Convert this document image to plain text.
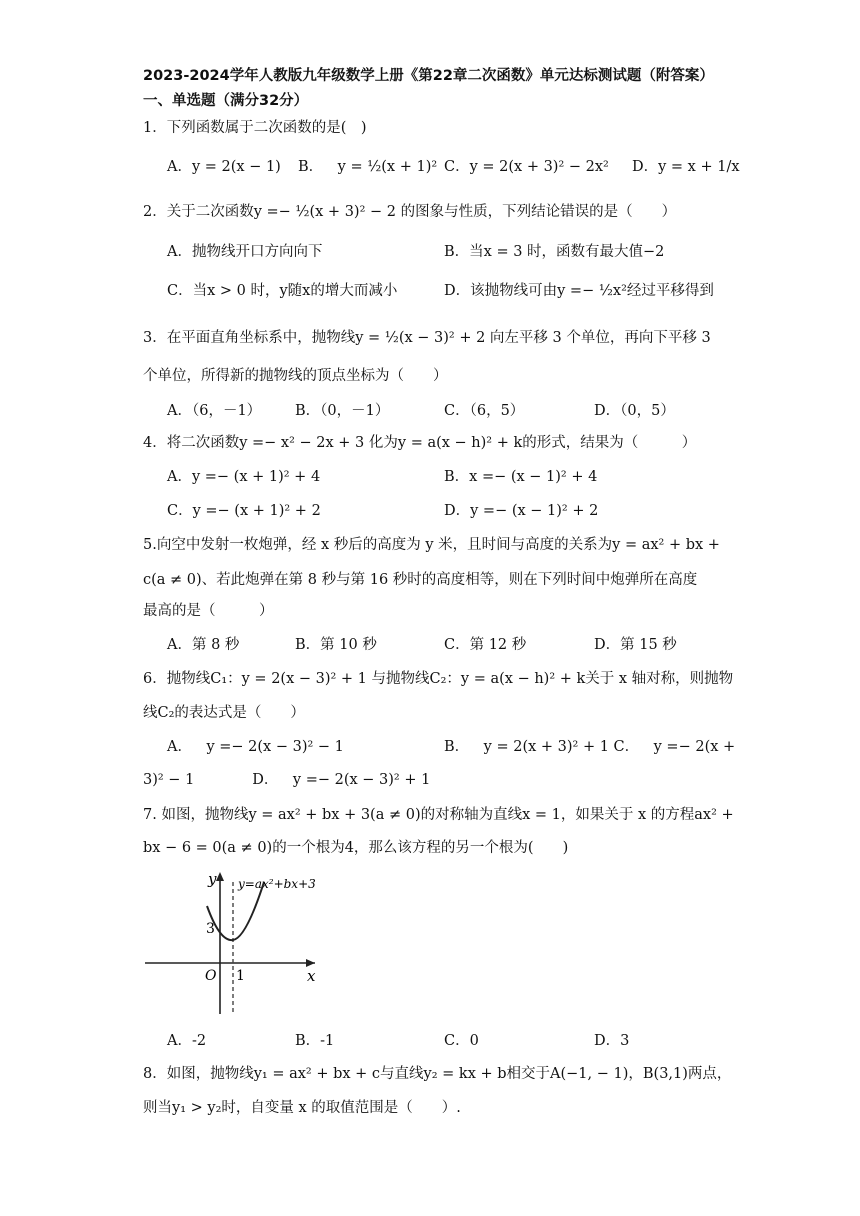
2023-2024学年人教版九年级数学上册《第22章二次函数》单元达标测试题（附答案）
一、单选题（满分32分）
1．下列函数属于二次函数的是( )
A．y = 2(x − 1) B． y = ½(x + 1)² C．y = 2(x + 3)² − 2x² D．y = x + 1/x
2．关于二次函数y =− ½(x + 3)² − 2 的图象与性质，下列结论错误的是（  ）
A．抛物线开口方向向下	B．当x = 3 时，函数有最大值−2
C．当x > 0 时，y随x的增大而减小	D．该抛物线可由y =− ½x²经过平移得到
3．在平面直角坐标系中，抛物线y = ½(x − 3)² + 2 向左平移 3 个单位，再向下平移 3
个单位，所得新的抛物线的顶点坐标为（  ）
A．（6，－1） B．（0，－1）	C．（6，5）	D．（0，5）
4．将二次函数y =− x² − 2x + 3 化为y = a(x − h)² + k的形式，结果为（   ）
A．y =− (x + 1)² + 4	B．x =− (x − 1)² + 4
C．y =− (x + 1)² + 2	D．y =− (x − 1)² + 2
5.向空中发射一枚炮弹，经 x 秒后的高度为 y 米，且时间与高度的关系为y = ax² + bx +
c(a ≠ 0)、若此炮弹在第 8 秒与第 16 秒时的高度相等，则在下列时间中炮弹所在高度
最高的是（   ）
A．第 8 秒	B．第 10 秒	C．第 12 秒	D．第 15 秒
6．抛物线C₁：y = 2(x − 3)² + 1 与抛物线C₂：y = a(x − h)² + k关于 x 轴对称，则抛物
线C₂的表达式是（  ）
A． y =− 2(x − 3)² − 1	B． y = 2(x + 3)² + 1 C． y =− 2(x +
3)² − 1    D． y =− 2(x − 3)² + 1
7. 如图，抛物线y = ax² + bx + 3(a ≠ 0)的对称轴为直线x = 1，如果关于 x 的方程ax² +
bx − 6 = 0(a ≠ 0)的一个根为4，那么该方程的另一个根为(  )
y
x
O 1
3
y=ax²+bx+3
A．-2	B．-1	C．0	D．3
8．如图，抛物线y₁ = ax² + bx + c与直线y₂ = kx + b相交于A(−1, − 1)，B(3,1)两点，
则当y₁ > y₂时，自变量 x 的取值范围是（  ）.
